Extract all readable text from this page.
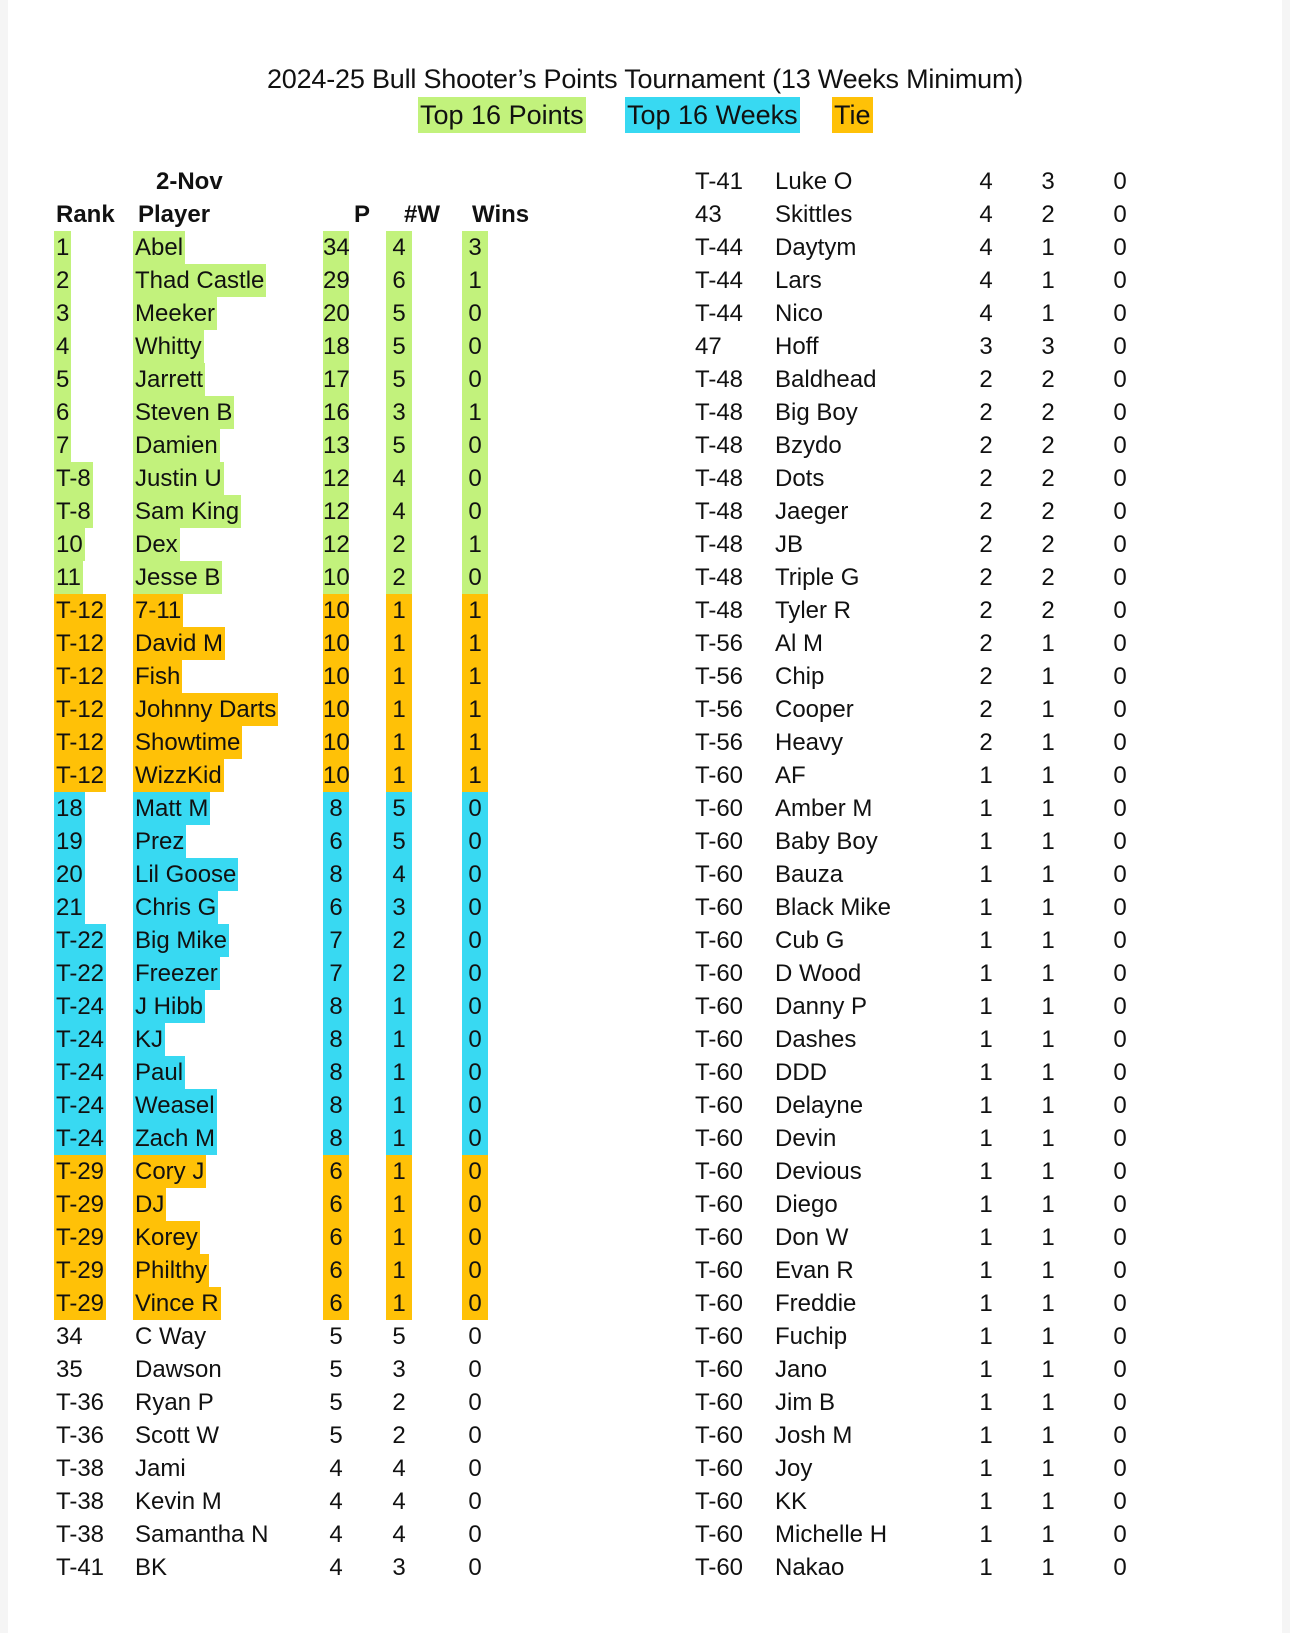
2024-25 Bull Shooter’s Points Tournament (13 Weeks Minimum)
Top 16 Points Top 16 Weeks Tie
2-Nov
Rank Player	P #W Wins
1	Abel	34 4	3
2	Thad Castle 29 6	1
3	Meeker	20 5	0
4	Whitty	18 5	0
5	Jarrett	17 5	0
6	Steven B	16 3	1
7	Damien	13 5	0
T-8 Justin U	12 4	0
T-8 Sam King	12 4	0
10 Dex	12 2	1
11 Jesse B	10 2	0
T-12 7-11	10 1	1
T-12 David M	10 1	1
T-12 Fish	10 1	1
T-12 Johnny Darts 10 1	1
T-12 Showtime	10 1	1
T-12 WizzKid	10 1	1
18 Matt M	8 5	0
19 Prez	6 5	0
20 Lil Goose	8 4	0
21 Chris G	6 3	0
T-22 Big Mike	7 2	0
T-22 Freezer	7 2	0
T-24 J Hibb	8 1	0
T-24 KJ	8 1	0
T-24 Paul	8 1	0
T-24 Weasel	8 1	0
T-24 Zach M	8 1	0
T-29 Cory J	6 1	0
T-29 DJ	6 1	0
T-29 Korey	6 1	0
T-29 Philthy	6 1	0
T-29 Vince R	6 1	0
34 C Way	5 5	0
35 Dawson	5 3	0
T-36 Ryan P	5 2	0
T-36 Scott W	5 2	0
T-38 Jami	4 4	0
T-38 Kevin M	4 4	0
T-38 Samantha N	4 4	0
T-41 BK	4 3	0
T-41 Luke O	4 3 0
43 Skittles	4 2 0
T-44 Daytym	4 1 0
T-44 Lars	4 1 0
T-44 Nico	4 1 0
47 Hoff	3 3 0
T-48 Baldhead	2 2 0
T-48 Big Boy	2 2 0
T-48 Bzydo	2 2 0
T-48 Dots	2 2 0
T-48 Jaeger	2 2 0
T-48 JB	2 2 0
T-48 Triple G	2 2 0
T-48 Tyler R	2 2 0
T-56 Al M	2 1 0
T-56 Chip	2 1 0
T-56 Cooper	2 1 0
T-56 Heavy	2 1 0
T-60 AF	1 1 0
T-60 Amber M	1 1 0
T-60 Baby Boy	1 1 0
T-60 Bauza	1 1 0
T-60 Black Mike	1 1 0
T-60 Cub G	1 1 0
T-60 D Wood	1 1 0
T-60 Danny P	1 1 0
T-60 Dashes	1 1 0
T-60 DDD	1 1 0
T-60 Delayne	1 1 0
T-60 Devin	1 1 0
T-60 Devious	1 1 0
T-60 Diego	1 1 0
T-60 Don W	1 1 0
T-60 Evan R	1 1 0
T-60 Freddie	1 1 0
T-60 Fuchip	1 1 0
T-60 Jano	1 1 0
T-60 Jim B	1 1 0
T-60 Josh M	1 1 0
T-60 Joy	1 1 0
T-60 KK	1 1 0
T-60 Michelle H	1 1 0
T-60 Nakao	1 1 0
